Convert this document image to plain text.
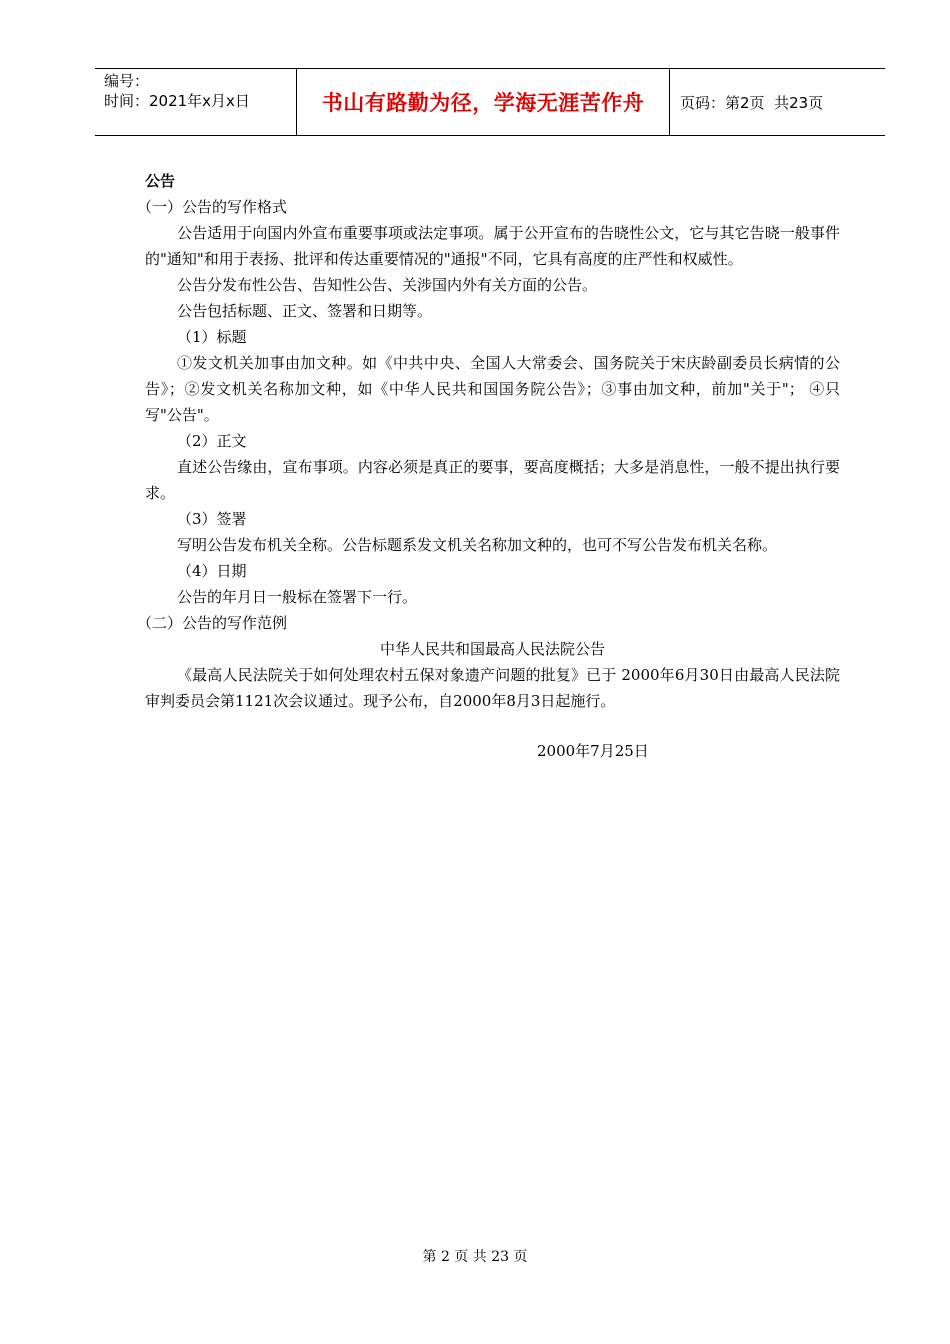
编号：
时间：2021年x月x日	书山有路勤为径，学海无涯苦作舟 页码：第2页  共23页
公告
（一）公告的写作格式

公告适用于向国内外宣布重要事项或法定事项。属于公开宣布的告晓性公文，它与其它告晓一般事件的"通知"和用于表扬、批评和传达重要情况的"通报"不同，它具有高度的庄严性和权威性。

公告分发布性公告、告知性公告、关涉国内外有关方面的公告。

公告包括标题、正文、签署和日期等。

（1）标题

①发文机关加事由加文种。如《中共中央、全国人大常委会、国务院关于宋庆龄副委员长病情的公告》；②发文机关名称加文种，如《中华人民共和国国务院公告》；③事由加文种，前加"关于"； ④只写"公告"。

（2）正文

直述公告缘由，宣布事项。内容必须是真正的要事，要高度概括；大多是消息性，一般不提出执行要求。

（3）签署

写明公告发布机关全称。公告标题系发文机关名称加文种的，也可不写公告发布机关名称。

（4）日期

公告的年月日一般标在签署下一行。

（二）公告的写作范例
中华人民共和国最高人民法院公告

《最高人民法院关于如何处理农村五保对象遗产问题的批复》已于 2000年6月30日由最高人民法院审判委员会第1121次会议通过。现予公布，自2000年8月3日起施行。

2000年7月25日
第 2 页 共 23 页
